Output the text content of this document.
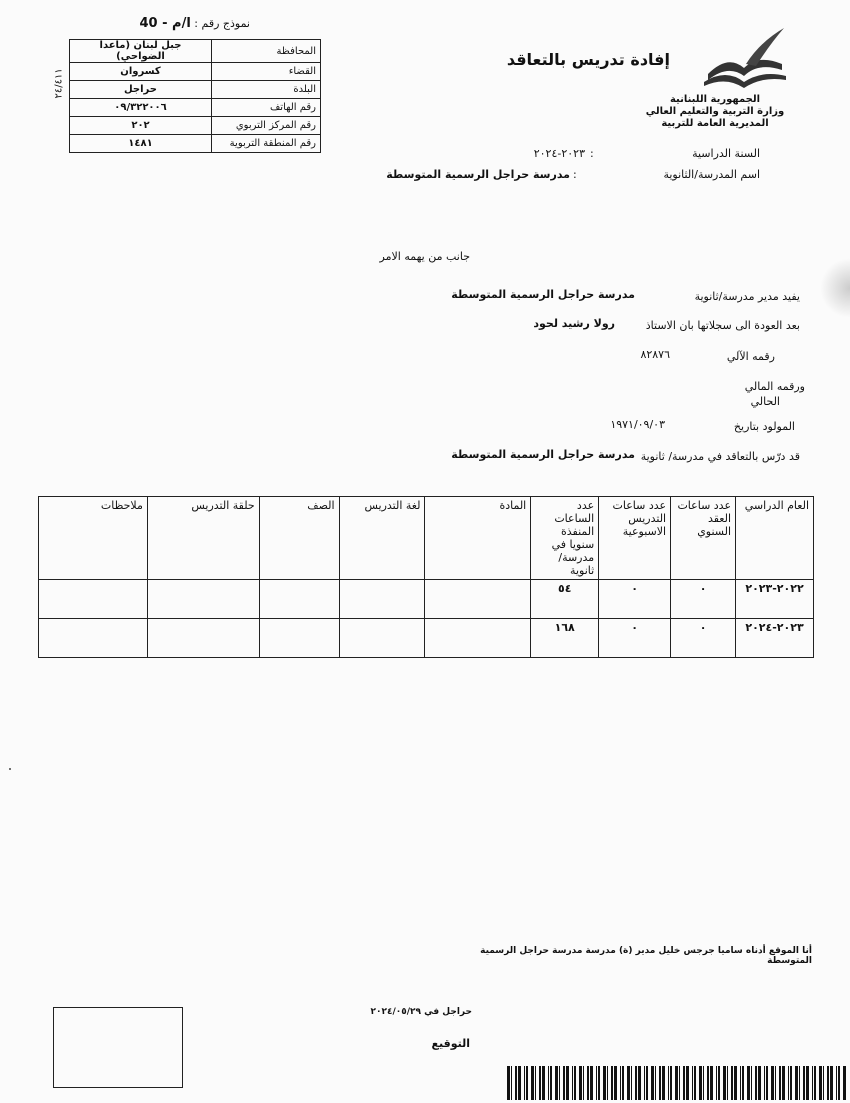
نموذج رقم : ا/م - 40
المحافظة	جبل لبنان (ماعدا الضواحي)
القضاء	كسروان
البلدة	حراجل
رقم الهاتف	٠٩/٣٢٢٠٠٦
رقم المركز التربوي	٢٠٢
رقم المنطقة التربوية	١٤٨١
٢٤/٤١١
إفادة تدريس بالتعاقد
الجمهورية اللبنانية
وزارة التربية والتعليم العالي
المديرية العامة للتربية
السنة الدراسية
:
٢٠٢٣-٢٠٢٤
اسم المدرسة/الثانوية
:
مدرسة حراجل الرسمية المتوسطة
جانب من يهمه الامر
يفيد مدير مدرسة/ثانوية
مدرسة حراجل الرسمية المتوسطة
بعد العودة الى سجلاتها بان الاستاذ
رولا رشيد لحود
رقمه الآلي
٨٢٨٧٦
ورقمه المالي
الحالي
المولود بتاريخ
١٩٧١/٠٩/٠٣
قد درّس بالتعاقد في مدرسة/ ثانوية
مدرسة حراجل الرسمية المتوسطة
العام الدراسي	عدد ساعات العقد السنوي	عدد ساعات التدريس الاسبوعية	عدد الساعات المنفذة سنويا في مدرسة/ثانوية	المادة	لغة التدريس	الصف	حلقة التدريس	ملاحظات
٢٠٢٢-٢٠٢٣	٠	٠	٥٤					
٢٠٢٣-٢٠٢٤	٠	٠	١٦٨					
أنا الموقع أدناه ساميا جرجس خليل مدير (ة) مدرسة مدرسة حراجل الرسمية المتوسطة
حراجل في ٢٠٢٤/٠٥/٢٩
التوقيع
